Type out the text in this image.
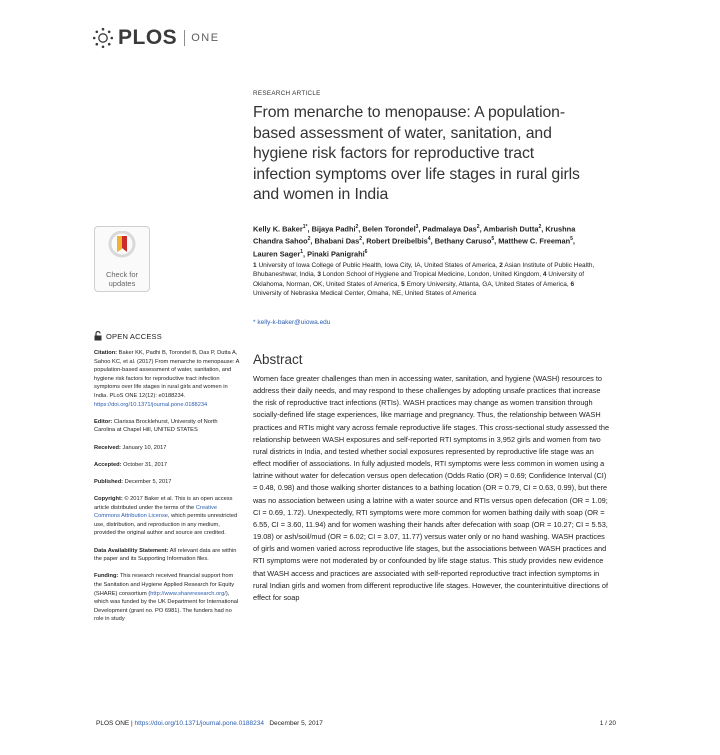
PLOS ONE
Check for
updates
OPEN ACCESS

Citation: Baker KK, Padhi B, Torondel B, Das P, Dutta A, Sahoo KC, et al. (2017) From menarche to menopause: A population-based assessment of water, sanitation, and hygiene risk factors for reproductive tract infection symptoms over life stages in rural girls and women in India. PLoS ONE 12(12): e0188234. https://doi.org/10.1371/journal.pone.0188234

Editor: Clarissa Brocklehurst, University of North Carolina at Chapel Hill, UNITED STATES

Received: January 10, 2017

Accepted: October 31, 2017

Published: December 5, 2017

Copyright: © 2017 Baker et al. This is an open access article distributed under the terms of the Creative Commons Attribution License, which permits unrestricted use, distribution, and reproduction in any medium, provided the original author and source are credited.

Data Availability Statement: All relevant data are within the paper and its Supporting Information files.

Funding: This research received financial support from the Sanitation and Hygiene Applied Research for Equity (SHARE) consortium (http://www.shareresearch.org/), which was funded by the UK Department for International Development (grant no. PO 6981). The funders had no role in study

RESEARCH ARTICLE
From menarche to menopause: A population-based assessment of water, sanitation, and hygiene risk factors for reproductive tract infection symptoms over life stages in rural girls and women in India
Kelly K. Baker$^{1*}$, Bijaya Padhi$^2$, Belen Torondel$^3$, Padmalaya Das$^2$, Ambarish Dutta$^2$, Krushna Chandra Sahoo$^2$, Bhabani Das$^2$, Robert Dreibelbis$^4$, Bethany Caruso$^5$, Matthew C. Freeman$^5$, Lauren Sager$^1$, Pinaki Panigrahi$^6$
1 University of Iowa College of Public Health, Iowa City, IA, United States of America, 2 Asian Institute of Public Health, Bhubaneshwar, India, 3 London School of Hygiene and Tropical Medicine, London, United Kingdom, 4 University of Oklahoma, Norman, OK, United States of America, 5 Emory University, Atlanta, GA, United States of America, 6 University of Nebraska Medical Center, Omaha, NE, United States of America
* kelly-k-baker@uiowa.edu
Abstract
Women face greater challenges than men in accessing water, sanitation, and hygiene (WASH) resources to address their daily needs, and may respond to these challenges by adopting unsafe practices that increase the risk of reproductive tract infections (RTIs). WASH practices may change as women transition through socially-defined life stage experiences, like marriage and pregnancy. Thus, the relationship between WASH practices and RTIs might vary across female reproductive life stages. This cross-sectional study assessed the relationship between WASH exposures and self-reported RTI symptoms in 3,952 girls and women from two rural districts in India, and tested whether social exposures represented by reproductive life stage was an effect modifier of associations. In fully adjusted models, RTI symptoms were less common in women using a latrine without water for defecation versus open defecation (Odds Ratio (OR) = 0.69; Confidence Interval (CI) = 0.48, 0.98) and those walking shorter distances to a bathing location (OR = 0.79, CI = 0.63, 0.99), but there was no association between using a latrine with a water source and RTIs versus open defecation (OR = 1.09; CI = 0.69, 1.72). Unexpectedly, RTI symptoms were more common for women bathing daily with soap (OR = 6.55, CI = 3.60, 11.94) and for women washing their hands after defecation with soap (OR = 10.27; CI = 5.53, 19.08) or ash/soil/mud (OR = 6.02; CI = 3.07, 11.77) versus water only or no hand washing. WASH practices of girls and women varied across reproductive life stages, but the associations between WASH practices and RTI symptoms were not moderated by or confounded by life stage status. This study provides new evidence that WASH access and practices are associated with self-reported reproductive tract infection symptoms in rural Indian girls and women from different reproductive life stages. However, the counterintuitive directions of effect for soap
PLOS ONE | https://doi.org/10.1371/journal.pone.0188234 December 5, 2017	1 / 20
